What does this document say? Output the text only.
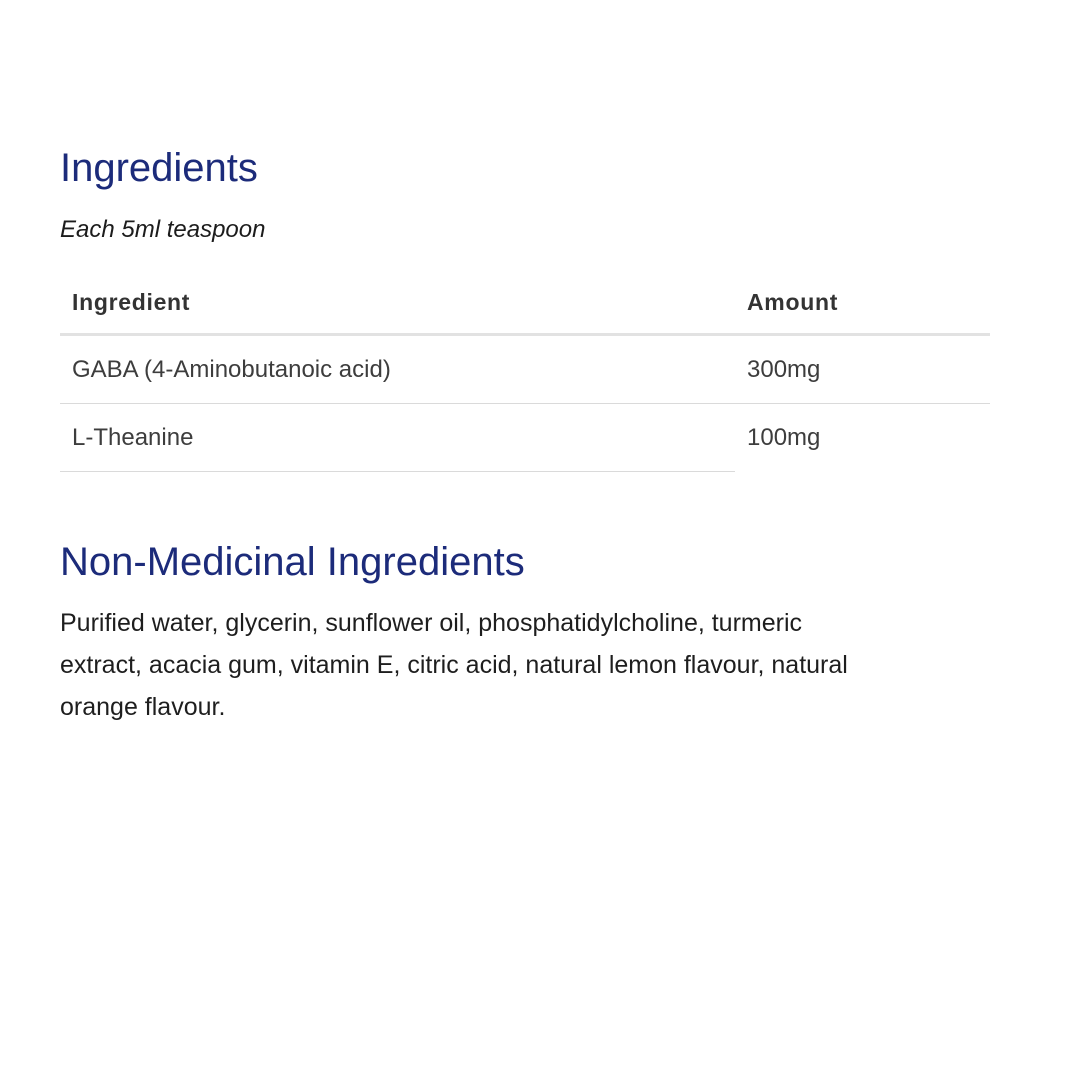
Ingredients

Each 5ml teaspoon

Ingredient	Amount
GABA (4-Aminobutanoic acid)	300mg
L-Theanine	100mg
Non-Medicinal Ingredients

Purified water, glycerin, sunflower oil, phosphatidylcholine, turmeric
extract, acacia gum, vitamin E, citric acid, natural lemon flavour, natural
orange flavour.
